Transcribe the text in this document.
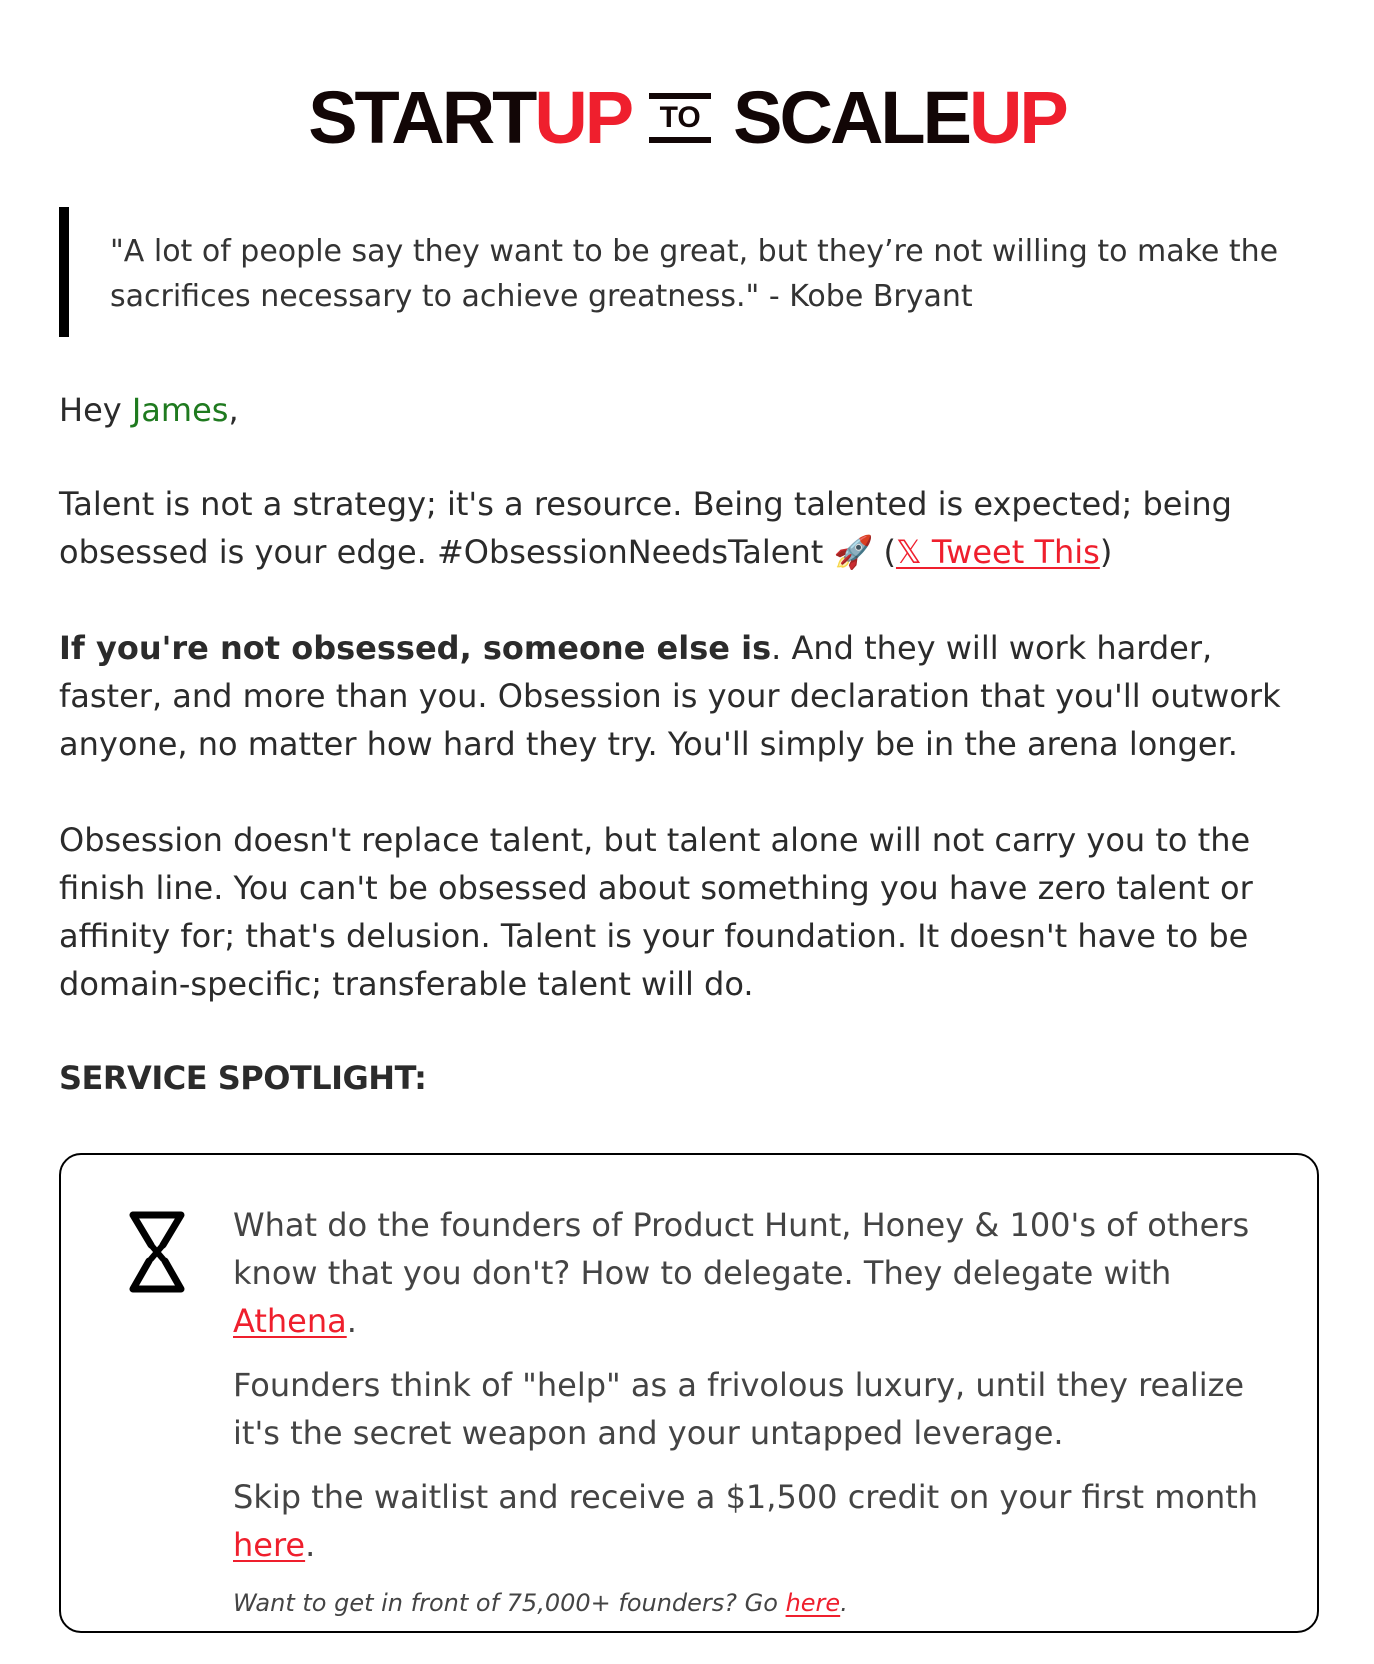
START UP TO SCALE UP
"A lot of people say they want to be great, but they’re not willing to make the sacrifices necessary to achieve greatness." - Kobe Bryant
Hey James,
Talent is not a strategy; it's a resource. Being talented is expected; being obsessed is your edge. #ObsessionNeedsTalent 🚀 (𝕏 Tweet This)
If you're not obsessed, someone else is. And they will work harder, faster, and more than you. Obsession is your declaration that you'll outwork anyone, no matter how hard they try. You'll simply be in the arena longer.
Obsession doesn't replace talent, but talent alone will not carry you to the finish line. You can't be obsessed about something you have zero talent or affinity for; that's delusion. Talent is your foundation. It doesn't have to be domain-specific; transferable talent will do.
SERVICE SPOTLIGHT:

What do the founders of Product Hunt, Honey & 100's of others know that you don't? How to delegate. They delegate with Athena.

Founders think of "help" as a frivolous luxury, until they realize it's the secret weapon and your untapped leverage.

Skip the waitlist and receive a $1,500 credit on your first month here.

Want to get in front of 75,000+ founders? Go here.
